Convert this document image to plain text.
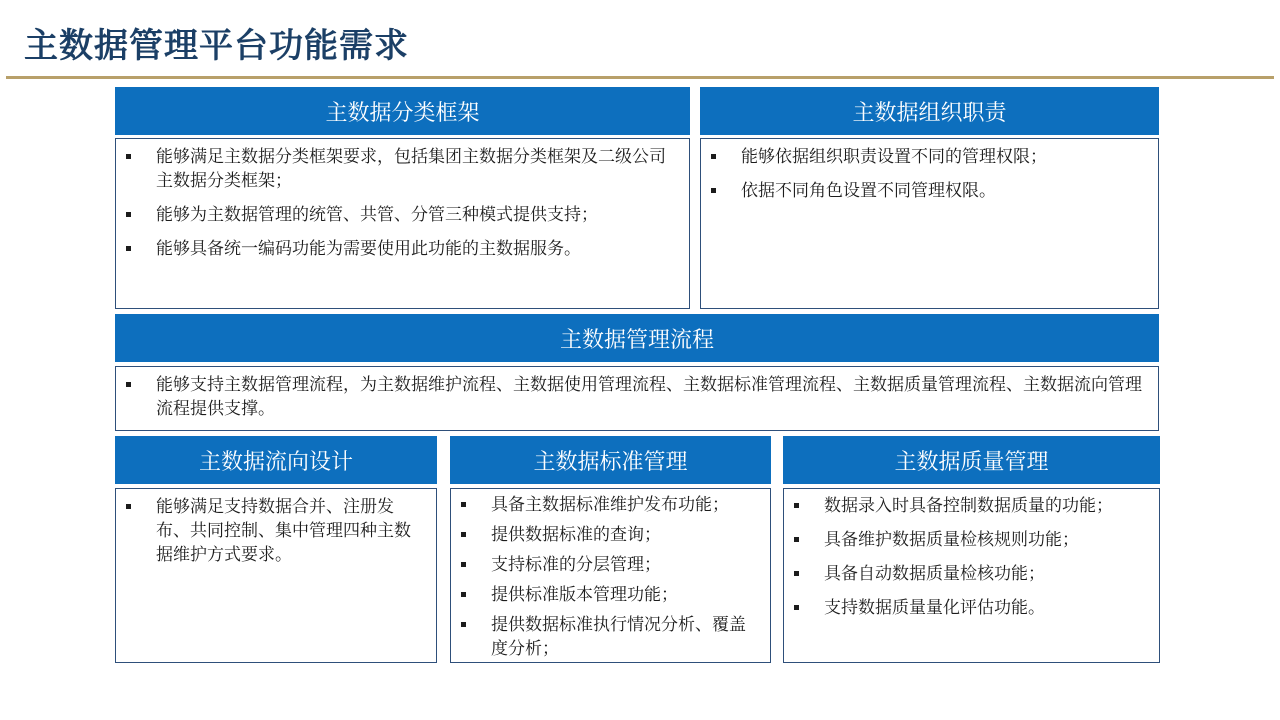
主数据管理平台功能需求
主数据分类框架
能够满足主数据分类框架要求，包括集团主数据分类框架及二级公司主数据分类框架；
能够为主数据管理的统管、共管、分管三种模式提供支持；
能够具备统一编码功能为需要使用此功能的主数据服务。
主数据组织职责
能够依据组织职责设置不同的管理权限；
依据不同角色设置不同管理权限。
主数据管理流程
能够支持主数据管理流程，为主数据维护流程、主数据使用管理流程、主数据标准管理流程、主数据质量管理流程、主数据流向管理流程提供支撑。
主数据流向设计
能够满足支持数据合并、注册发布、共同控制、集中管理四种主数据维护方式要求。
主数据标准管理
具备主数据标准维护发布功能；
提供数据标准的查询；
支持标准的分层管理；
提供标准版本管理功能；
提供数据标准执行情况分析、覆盖度分析；
主数据质量管理
数据录入时具备控制数据质量的功能；
具备维护数据质量检核规则功能；
具备自动数据质量检核功能；
支持数据质量量化评估功能。
